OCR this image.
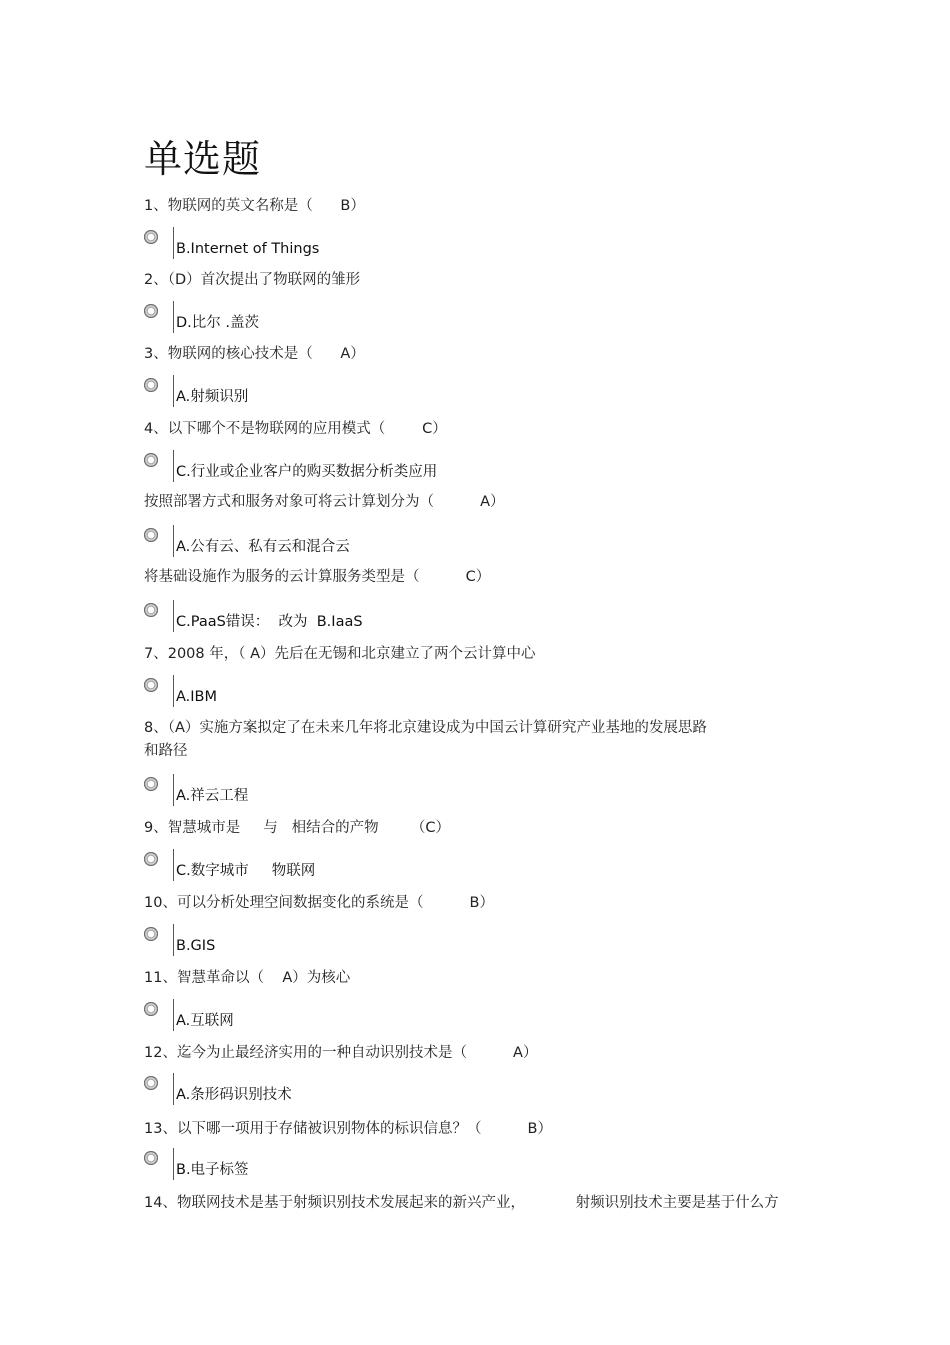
单选题
1、物联网的英文名称是（      B）
B.Internet of Things
2、（D）首次提出了物联网的雏形
D.比尔 .盖茨
3、物联网的核心技术是（      A）
A.射频识别
4、以下哪个不是物联网的应用模式（        C）
C.行业或企业客户的购买数据分析类应用
按照部署方式和服务对象可将云计算划分为（          A）
A.公有云、私有云和混合云
将基础设施作为服务的云计算服务类型是（          C）
C.PaaS错误：  改为  B.IaaS
7、2008 年，（ A）先后在无锡和北京建立了两个云计算中心
A.IBM
8、（A）实施方案拟定了在未来几年将北京建设成为中国云计算研究产业基地的发展思路
和路径
A.祥云工程
9、智慧城市是     与   相结合的产物       （C）
C.数字城市     物联网
10、可以分析处理空间数据变化的系统是（          B）
B.GIS
11、智慧革命以（    A）为核心
A.互联网
12、迄今为止最经济实用的一种自动识别技术是（          A）
A.条形码识别技术
13、以下哪一项用于存储被识别物体的标识信息？（          B）
B.电子标签
14、物联网技术是基于射频识别技术发展起来的新兴产业，           射频识别技术主要是基于什么方
